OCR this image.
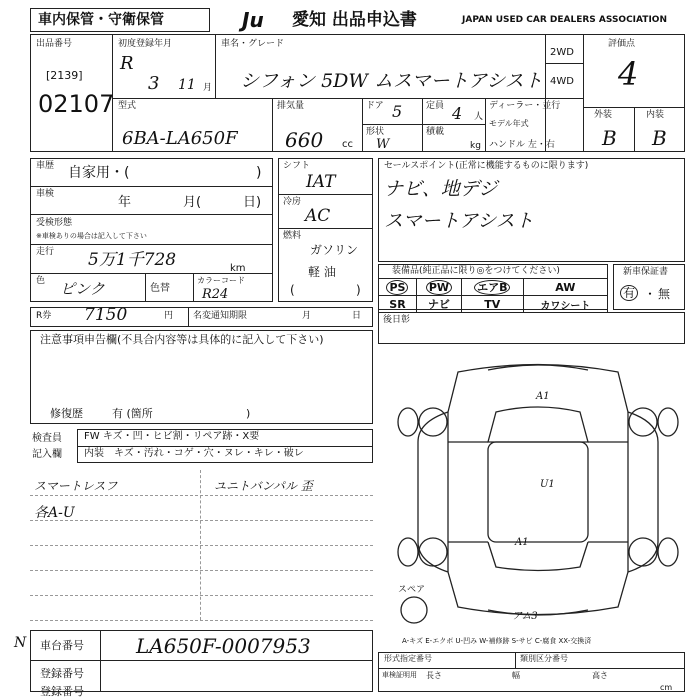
車内保管・守衛保管	Ju 愛知 出品申込書	JAPAN USED CAR DEALERS ASSOCIATION
出品番号
[2139]
02107
初度登録年月
R
3 11 月
車名・グレード
シフォン 5DW ムスマートアシスト
2WD
4WD
評価点
4
外装	内装
B B
型式
6BA-LA650F
排気量
660 cc
ドア 5	定員 4 人
形状
W
積載
kg
ディーラー・並行
モデル年式
ハンドル 左・右
車歴 自家用・(	)
車検
年	月(	日)
受検形態
※車検ありの場合は記入して下さい
走行 5万1千728	km
色 ピンク	色替
カラーコード
R24
シフト
IAT
冷房
AC
燃料
ガソリン
軽 油
(	)
セールスポイント(正常に機能するものに限ります)
ナビ、地デジ
スマートアシスト
装備品(純正品に限り◎をつけてください)
PS	PW	エアB	AW
SR	ナビ	TV	カワシート
新車保証書
有 ・ 無
R券 7150	円 名変通知期限	月	日 後日彰
注意事項申告欄(不具合内容等は具体的に記入して下さい)
修復歴	有 (箇所	)
検査員
記入欄
FW キズ・凹・ヒビ割・リペア跡・X要
内装 キズ・汚れ・コゲ・穴・ヌレ・キレ・破レ
スマートレスフ	ユニトバンパル 歪
各A-U
A1
A1
U1
スペア
アム3
A-キズ E-エクボ U-凹み W-補修跡 S-サビ C-腐食 XX-交換済
N 車台番号	LA650F-0007953
登録番号
登録番号
形式指定番号	類別区分番号
車検証明用 長さ	幅	高さ
cm
